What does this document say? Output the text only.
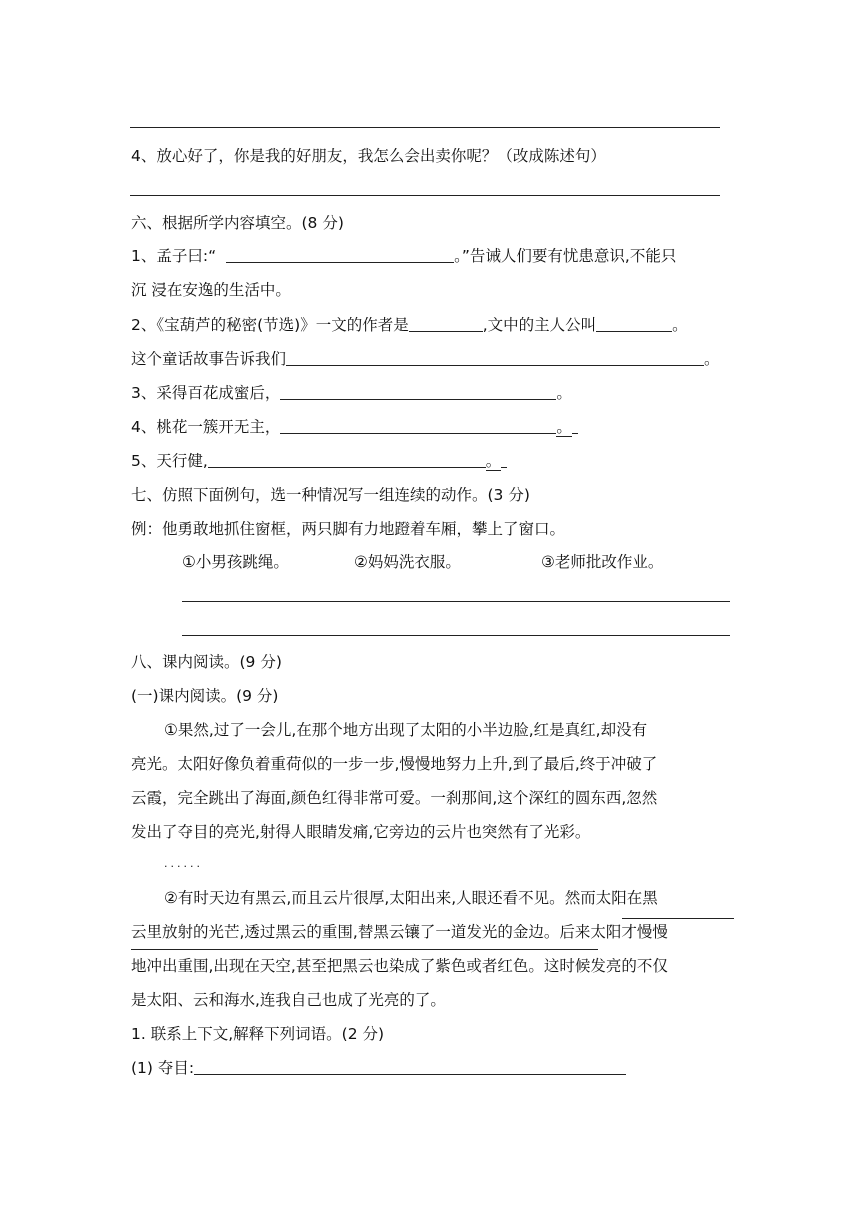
4、放心好了，你是我的好朋友，我怎么会出卖你呢？（改成陈述句）
六、根据所学内容填空。(8 分)
1、孟子曰:“	。”告诫人们要有忧患意识,不能只
沉 浸在安逸的生活中。
2、《宝葫芦的秘密(节选)》一文的作者是	,文中的主人公叫	。
这个童话故事告诉我们	。
3、采得百花成蜜后，	。
4、桃花一簇开无主，	。
5、天行健,	。
七、仿照下面例句，选一种情况写一组连续的动作。(3 分)
例：他勇敢地抓住窗框，两只脚有力地蹬着车厢，攀上了窗口。
①小男孩跳绳。	②妈妈洗衣服。	③老师批改作业。
八、课内阅读。(9 分)
(一)课内阅读。(9 分)
①果然,过了一会儿,在那个地方出现了太阳的小半边脸,红是真红,却没有
亮光。太阳好像负着重荷似的一步一步,慢慢地努力上升,到了最后,终于冲破了
云霞，完全跳出了海面,颜色红得非常可爱。一刹那间,这个深红的圆东西,忽然
发出了夺目的亮光,射得人眼睛发痛,它旁边的云片也突然有了光彩。
......
②有时天边有黑云,而且云片很厚,太阳出来,人眼还看不见。然而太阳在黑
云里放射的光芒,透过黑云的重围,替黑云镶了一道发光的金边。后来太阳才慢慢
地冲出重围,出现在天空,甚至把黑云也染成了紫色或者红色。这时候发亮的不仅
是太阳、云和海水,连我自己也成了光亮的了。
1. 联系上下文,解释下列词语。(2 分)
(1) 夺目:
